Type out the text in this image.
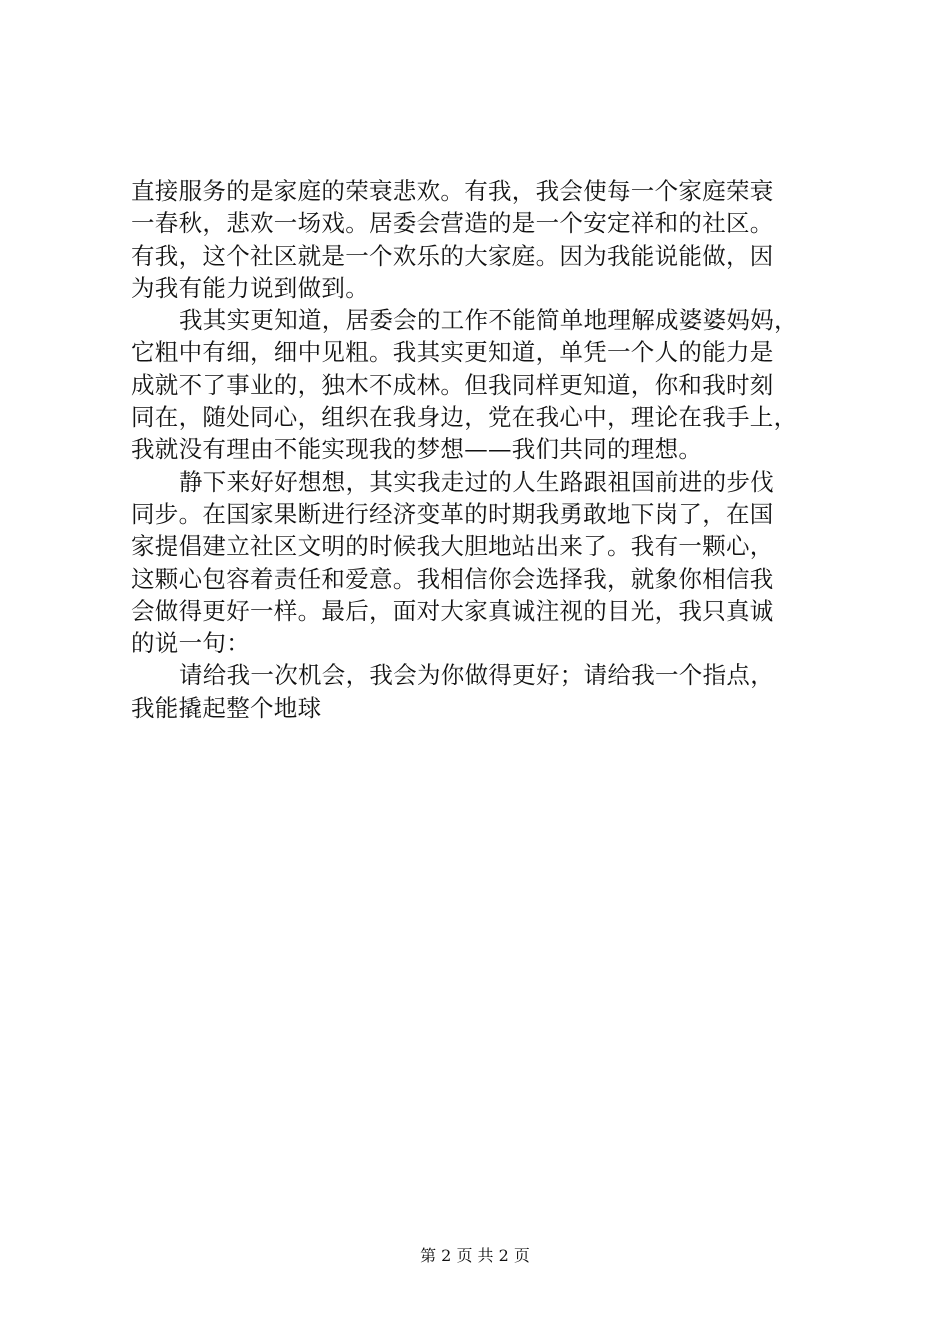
直接服务的是家庭的荣衰悲欢。有我，我会使每一个家庭荣衰
一春秋，悲欢一场戏。居委会营造的是一个安定祥和的社区。
有我，这个社区就是一个欢乐的大家庭。因为我能说能做，因
为我有能力说到做到。
我其实更知道，居委会的工作不能简单地理解成婆婆妈妈，
它粗中有细，细中见粗。我其实更知道，单凭一个人的能力是
成就不了事业的，独木不成林。但我同样更知道，你和我时刻
同在，随处同心，组织在我身边，党在我心中，理论在我手上，
我就没有理由不能实现我的梦想——我们共同的理想。
静下来好好想想，其实我走过的人生路跟祖国前进的步伐
同步。在国家果断进行经济变革的时期我勇敢地下岗了，在国
家提倡建立社区文明的时候我大胆地站出来了。我有一颗心，
这颗心包容着责任和爱意。我相信你会选择我，就象你相信我
会做得更好一样。最后，面对大家真诚注视的目光，我只真诚
的说一句：
请给我一次机会，我会为你做得更好；请给我一个指点，
我能撬起整个地球
第 2 页 共 2 页
